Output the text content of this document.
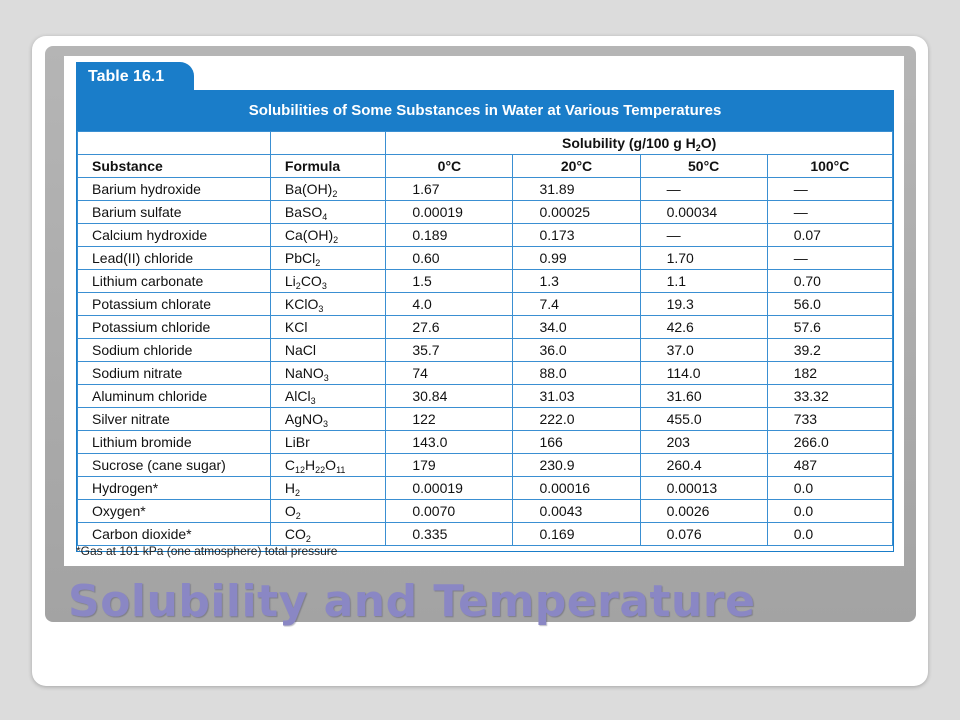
Table 16.1
Solubilities of Some Substances in Water at Various Temperatures
		Solubility (g/100 g $H_2O$)			
Substance	Formula	0°C	20°C	50°C	100°C
Barium hydroxide	$Ba(OH)_2$	1.67	31.89	—	—
Barium sulfate	BaSO$_4$	0.00019	0.00025	0.00034	—
Calcium hydroxide	$Ca(OH)_2$	0.189	0.173	—	0.07
Lead(II) chloride	PbCl$_2$	0.60	0.99	1.70	—
Lithium carbonate	$Li_2CO_3$	1.5	1.3	1.1	0.70
Potassium chlorate	KClO$_3$	4.0	7.4	19.3	56.0
Potassium chloride	KCl	27.6	34.0	42.6	57.6
Sodium chloride	NaCl	35.7	36.0	37.0	39.2
Sodium nitrate	NaNO$_3$	74	88.0	114.0	182
Aluminum chloride	AlCl$_3$	30.84	31.03	31.60	33.32
Silver nitrate	AgNO$_3$	122	222.0	455.0	733
Lithium bromide	LiBr	143.0	166	203	266.0
Sucrose (cane sugar)	$C_{12}H_{22}O_{11}$	179	230.9	260.4	487
Hydrogen*	$H_2$	0.00019	0.00016	0.00013	0.0
Oxygen*	$O_2$	0.0070	0.0043	0.0026	0.0
Carbon dioxide*	$CO_2$	0.335	0.169	0.076	0.0
*Gas at 101 kPa (one atmosphere) total pressure
Solubility and Temperature
